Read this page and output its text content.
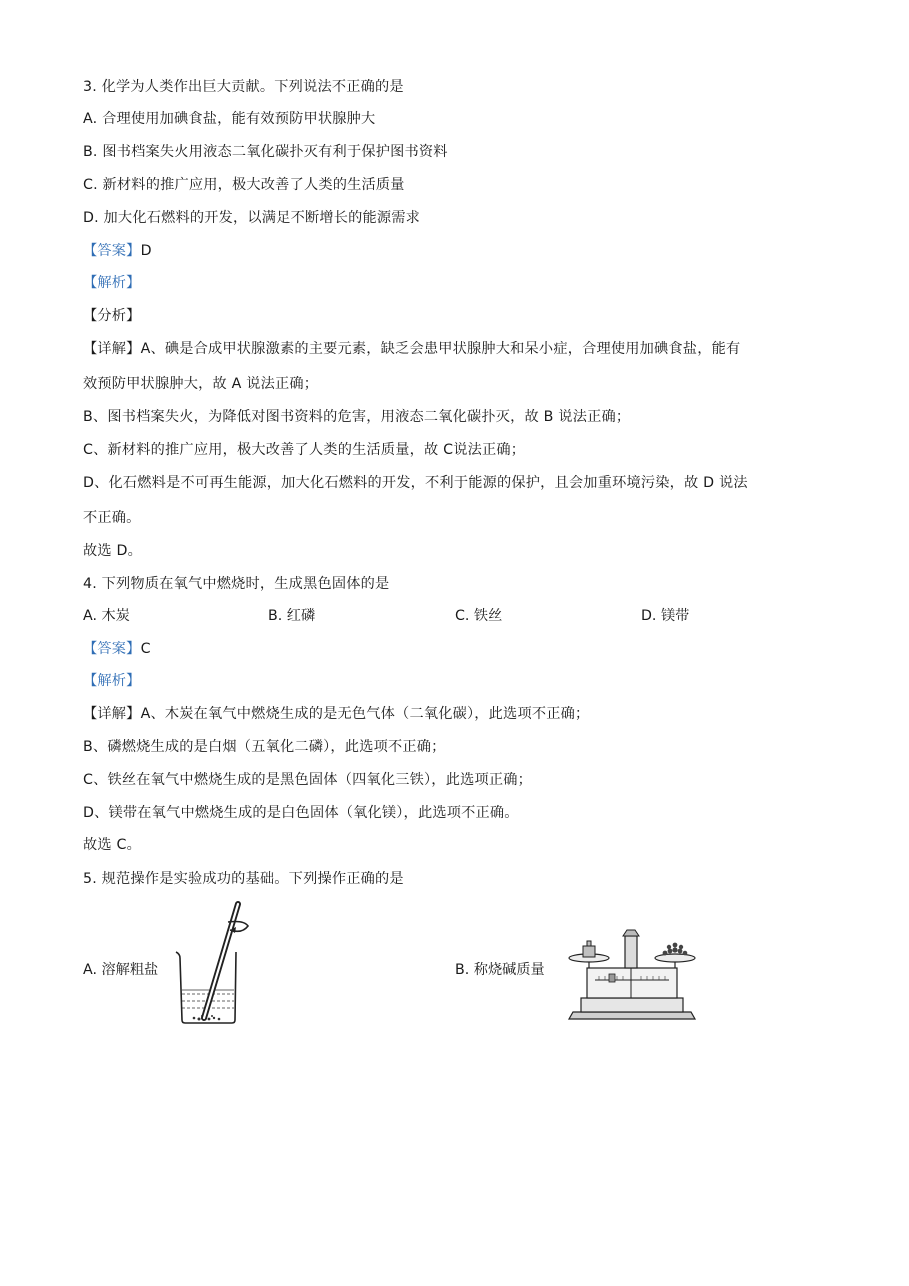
3. 化学为人类作出巨大贡献。下列说法不正确的是
A. 合理使用加碘食盐，能有效预防甲状腺肿大
B. 图书档案失火用液态二氧化碳扑灭有利于保护图书资料
C. 新材料的推广应用，极大改善了人类的生活质量
D. 加大化石燃料的开发，以满足不断增长的能源需求
【答案】D
【解析】
【分析】
【详解】A、碘是合成甲状腺激素的主要元素，缺乏会患甲状腺肿大和呆小症，合理使用加碘食盐，能有
效预防甲状腺肿大，故 A 说法正确；
B、图书档案失火，为降低对图书资料的危害，用液态二氧化碳扑灭，故 B 说法正确；
C、新材料的推广应用，极大改善了人类的生活质量，故 C说法正确；
D、化石燃料是不可再生能源，加大化石燃料的开发，不利于能源的保护，且会加重环境污染，故 D 说法
不正确。
故选 D。
4. 下列物质在氧气中燃烧时，生成黑色固体的是
A. 木炭	B. 红磷	C. 铁丝	D. 镁带
【答案】C
【解析】
【详解】A、木炭在氧气中燃烧生成的是无色气体（二氧化碳），此选项不正确；
B、磷燃烧生成的是白烟（五氧化二磷），此选项不正确；
C、铁丝在氧气中燃烧生成的是黑色固体（四氧化三铁），此选项正确；
D、镁带在氧气中燃烧生成的是白色固体（氧化镁），此选项不正确。
故选 C。
5. 规范操作是实验成功的基础。下列操作正确的是
A. 溶解粗盐	B. 称烧碱质量
